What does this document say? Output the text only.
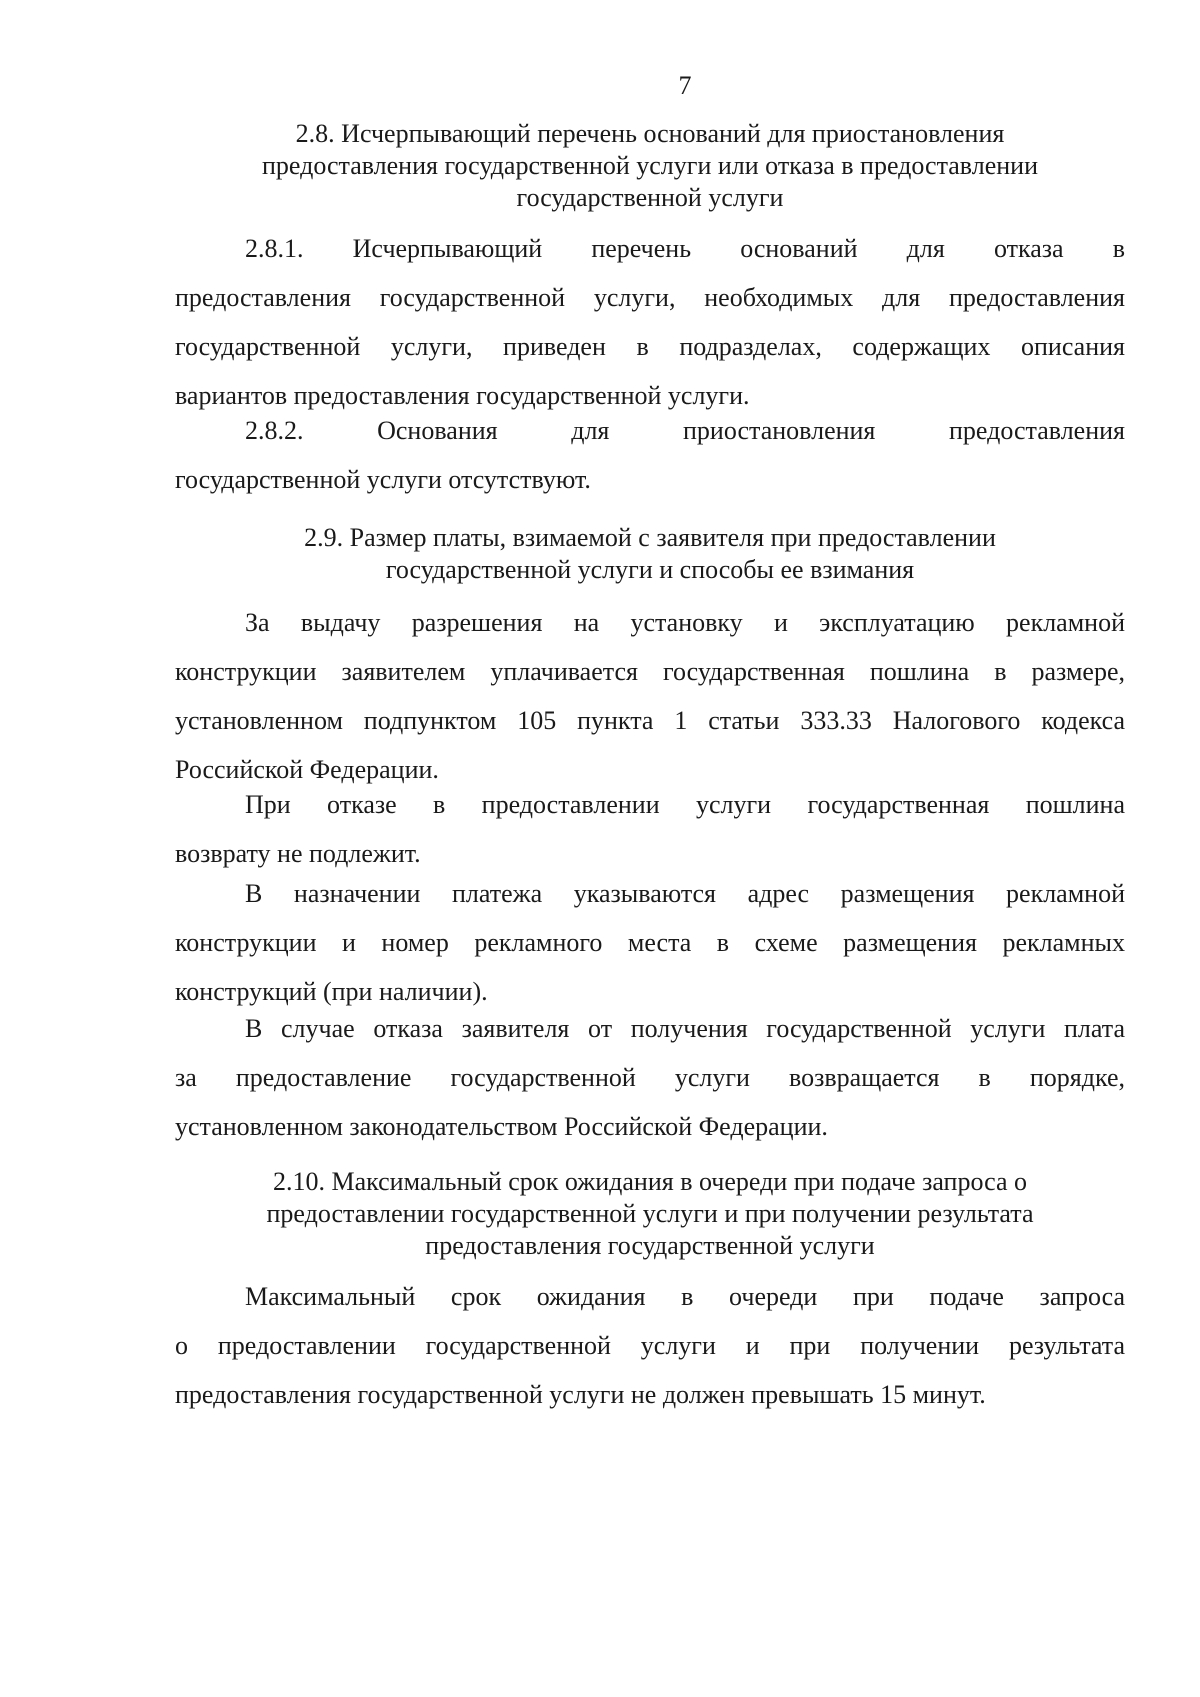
7
2.8. Исчерпывающий перечень оснований для приостановления
предоставления государственной услуги или отказа в предоставлении
государственной услуги
2.8.1. Исчерпывающий перечень оснований для отказа в
предоставления государственной услуги, необходимых для предоставления
государственной услуги, приведен в подразделах, содержащих описания
вариантов предоставления государственной услуги.
2.8.2. Основания для приостановления предоставления
государственной услуги отсутствуют.
2.9. Размер платы, взимаемой с заявителя при предоставлении
государственной услуги и способы ее взимания
За выдачу разрешения на установку и эксплуатацию рекламной
конструкции заявителем уплачивается государственная пошлина в размере,
установленном подпунктом 105 пункта 1 статьи 333.33 Налогового кодекса
Российской Федерации.
При отказе в предоставлении услуги государственная пошлина
возврату не подлежит.
В назначении платежа указываются адрес размещения рекламной
конструкции и номер рекламного места в схеме размещения рекламных
конструкций (при наличии).
В случае отказа заявителя от получения государственной услуги плата
за предоставление государственной услуги возвращается в порядке,
установленном законодательством Российской Федерации.
2.10. Максимальный срок ожидания в очереди при подаче запроса о
предоставлении государственной услуги и при получении результата
предоставления государственной услуги
Максимальный срок ожидания в очереди при подаче запроса
о предоставлении государственной услуги и при получении результата
предоставления государственной услуги не должен превышать 15 минут.
